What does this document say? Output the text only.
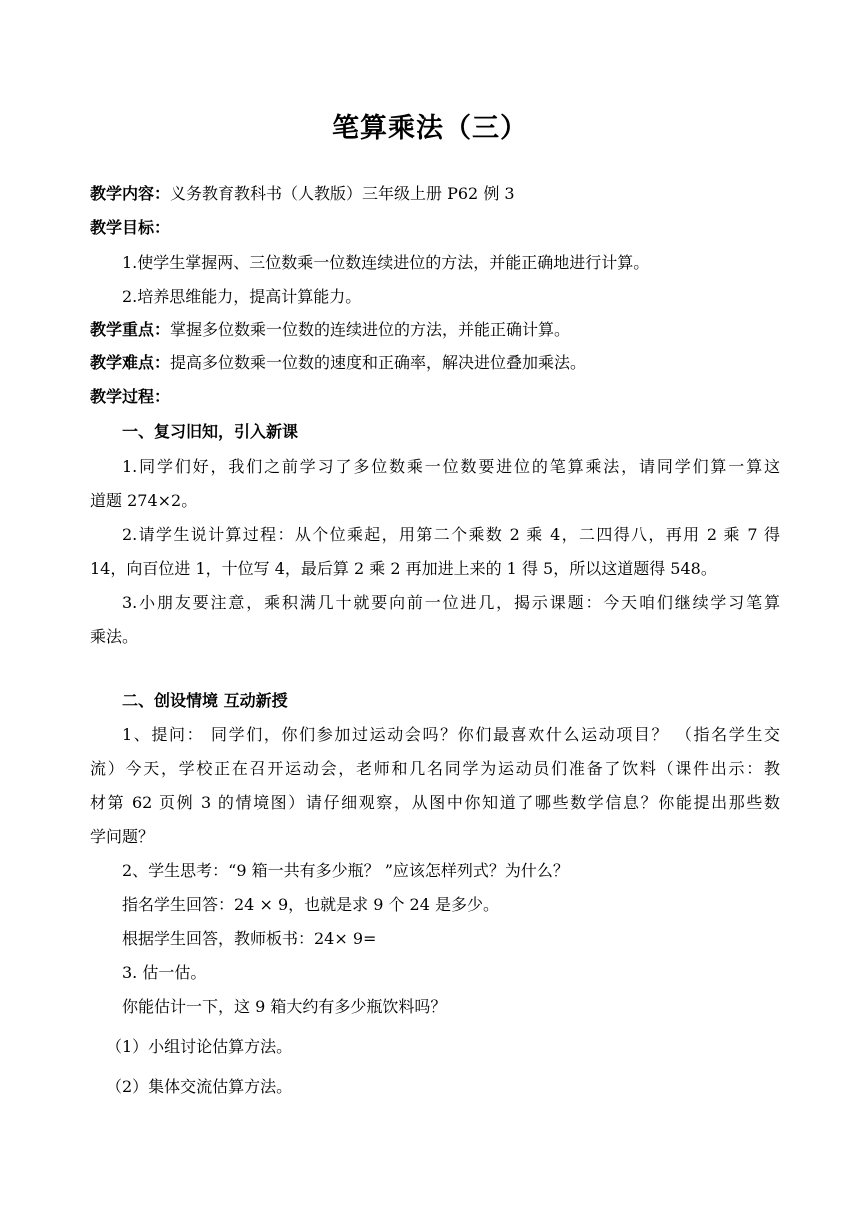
笔算乘法（三）
教学内容：义务教育教科书（人教版）三年级上册 P62 例 3
教学目标：
1.使学生掌握两、三位数乘一位数连续进位的方法，并能正确地进行计算。
2.培养思维能力，提高计算能力。
教学重点：掌握多位数乘一位数的连续进位的方法，并能正确计算。
教学难点：提高多位数乘一位数的速度和正确率，解决进位叠加乘法。
教学过程：
一、复习旧知，引入新课
1.同学们好，我们之前学习了多位数乘一位数要进位的笔算乘法，请同学们算一算这
道题 274×2。
2.请学生说计算过程：从个位乘起，用第二个乘数 2 乘 4，二四得八，再用 2 乘 7 得
14，向百位进 1，十位写 4，最后算 2 乘 2 再加进上来的 1 得 5，所以这道题得 548。
3.小朋友要注意，乘积满几十就要向前一位进几，揭示课题：今天咱们继续学习笔算
乘法。
二、创设情境 互动新授
1、提问： 同学们，你们参加过运动会吗？你们最喜欢什么运动项目？ （指名学生交
流）今天，学校正在召开运动会，老师和几名同学为运动员们准备了饮料（课件出示：教
材第 62 页例 3 的情境图）请仔细观察，从图中你知道了哪些数学信息？你能提出那些数
学问题？
2、学生思考：“9 箱一共有多少瓶？ ”应该怎样列式？为什么？
指名学生回答：24 × 9，也就是求 9 个 24 是多少。
根据学生回答，教师板书：24× 9=
3. 估一估。
你能估计一下，这 9 箱大约有多少瓶饮料吗？
（1）小组讨论估算方法。
（2）集体交流估算方法。
